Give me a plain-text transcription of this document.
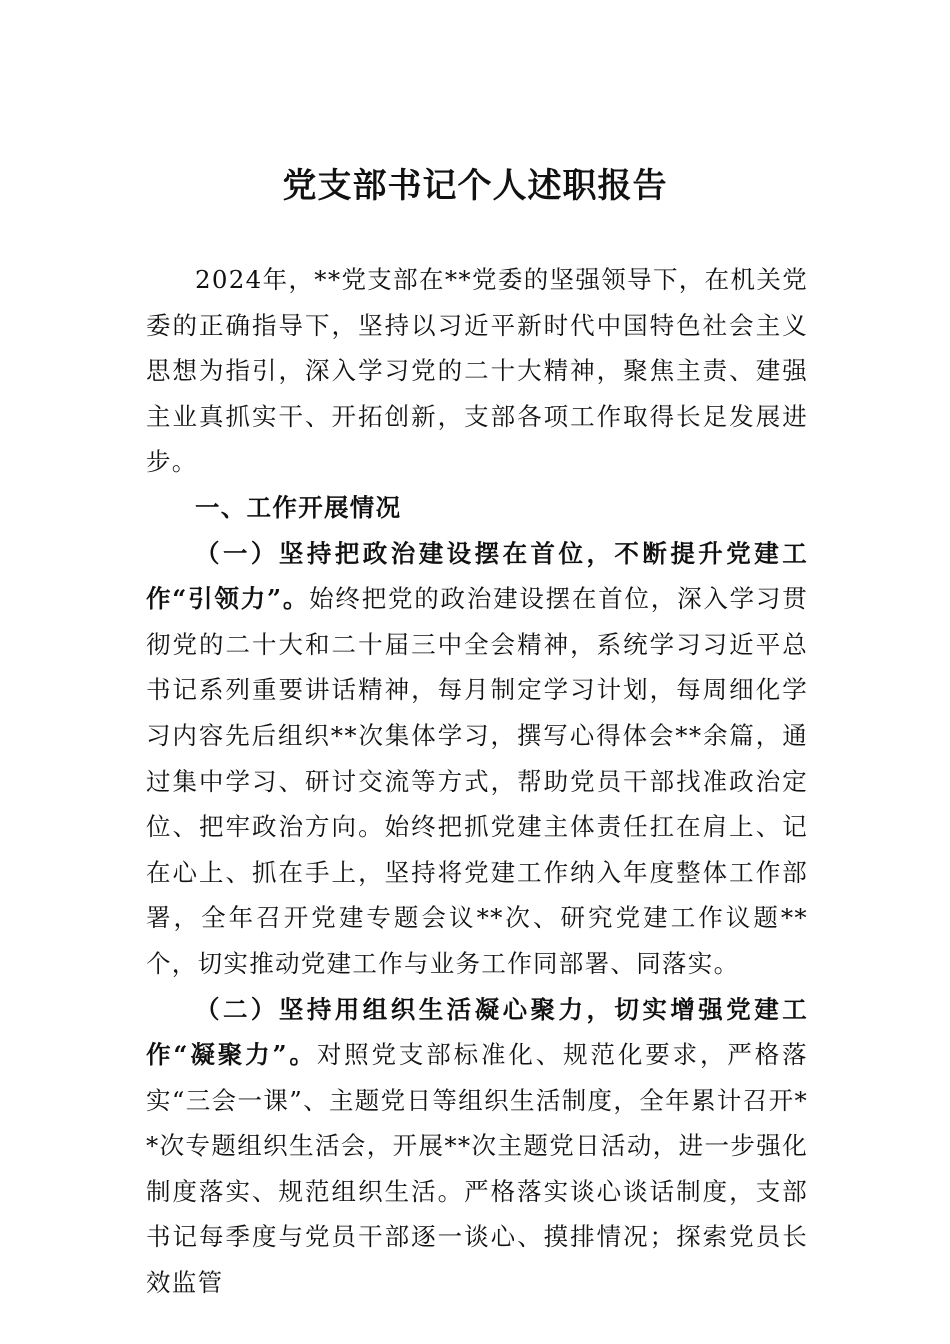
党支部书记个人述职报告

2024年，**党支部在**党委的坚强领导下，在机关党委的正确指导下，坚持以习近平新时代中国特色社会主义思想为指引，深入学习党的二十大精神，聚焦主责、建强主业真抓实干、开拓创新，支部各项工作取得长足发展进步。

一、工作开展情况

（一）坚持把政治建设摆在首位，不断提升党建工作“引领力”。始终把党的政治建设摆在首位，深入学习贯彻党的二十大和二十届三中全会精神，系统学习习近平总书记系列重要讲话精神，每月制定学习计划，每周细化学习内容先后组织**次集体学习，撰写心得体会**余篇，通过集中学习、研讨交流等方式，帮助党员干部找准政治定位、把牢政治方向。始终把抓党建主体责任扛在肩上、记在心上、抓在手上，坚持将党建工作纳入年度整体工作部署，全年召开党建专题会议**次、研究党建工作议题**个，切实推动党建工作与业务工作同部署、同落实。

（二）坚持用组织生活凝心聚力，切实增强党建工作“凝聚力”。对照党支部标准化、规范化要求，严格落实“三会一课”、主题党日等组织生活制度，全年累计召开**次专题组织生活会，开展**次主题党日活动，进一步强化制度落实、规范组织生活。严格落实谈心谈话制度，支部书记每季度与党员干部逐一谈心、摸排情况；探索党员长效监管
